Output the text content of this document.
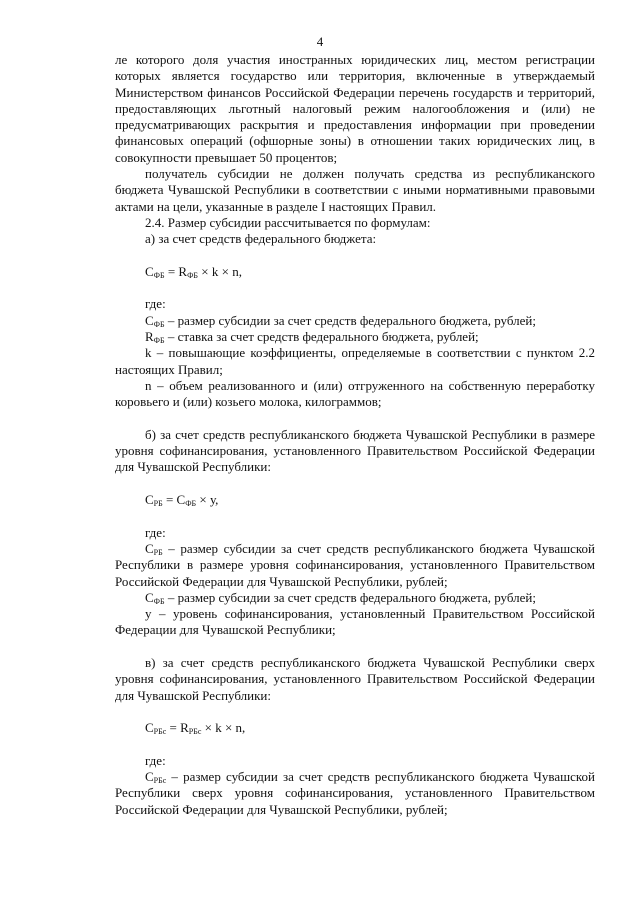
4

ле которого доля участия иностранных юридических лиц, местом регистрации которых является государство или территория, включенные в утверждаемый Министерством финансов Российской Федерации перечень государств и территорий, предоставляющих льготный налоговый режим налогообложения и (или) не предусматривающих раскрытия и предоставления информации при проведении финансовых операций (офшорные зоны) в отношении таких юридических лиц, в совокупности превышает 50 процентов;

получатель субсидии не должен получать средства из республиканского бюджета Чувашской Республики в соответствии с иными нормативными правовыми актами на цели, указанные в разделе I настоящих Правил.

2.4. Размер субсидии рассчитывается по формулам:

а) за счет средств федерального бюджета:

$С_{ФБ} = R_{ФБ} \times k \times n$,

где:

$С_{ФБ}$ – размер субсидии за счет средств федерального бюджета, рублей;

$R_{ФБ}$ – ставка за счет средств федерального бюджета, рублей;

k – повышающие коэффициенты, определяемые в соответствии с пунктом 2.2 настоящих Правил;

n – объем реализованного и (или) отгруженного на собственную переработку коровьего и (или) козьего молока, килограммов;

б) за счет средств республиканского бюджета Чувашской Республики в размере уровня софинансирования, установленного Правительством Российской Федерации для Чувашской Республики:

$С_{РБ} = С_{ФБ} \times у$,

где:

$С_{РБ}$ – размер субсидии за счет средств республиканского бюджета Чувашской Республики в размере уровня софинансирования, установленного Правительством Российской Федерации для Чувашской Республики, рублей;

$С_{ФБ}$ – размер субсидии за счет средств федерального бюджета, рублей;

у – уровень софинансирования, установленный Правительством Российской Федерации для Чувашской Республики;

в) за счет средств республиканского бюджета Чувашской Республики сверх уровня софинансирования, установленного Правительством Российской Федерации для Чувашской Республики:

$С_{РБс} = R_{РБс} \times k \times n$,

где:

$С_{РБс}$ – размер субсидии за счет средств республиканского бюджета Чувашской Республики сверх уровня софинансирования, установленного Правительством Российской Федерации для Чувашской Республики, рублей;
